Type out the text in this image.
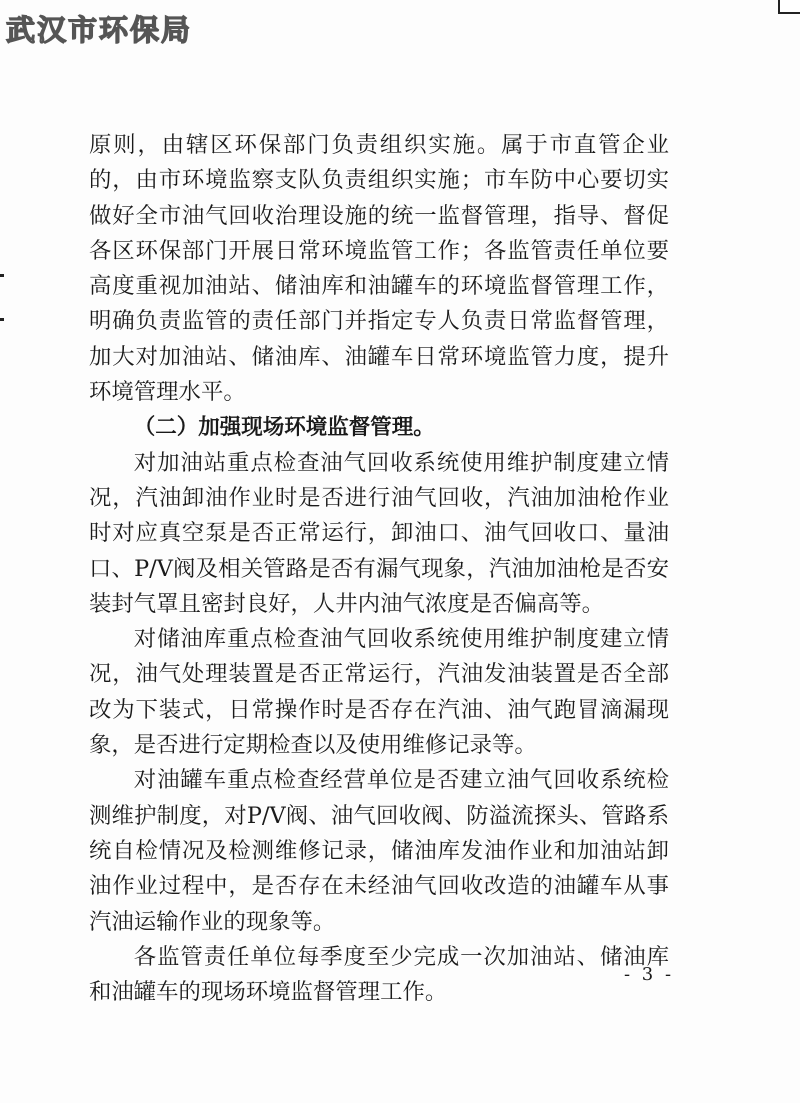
武汉市环保局

原则，由辖区环保部门负责组织实施。属于市直管企业的，由市环境监察支队负责组织实施；市车防中心要切实做好全市油气回收治理设施的统一监督管理，指导、督促各区环保部门开展日常环境监管工作；各监管责任单位要高度重视加油站、储油库和油罐车的环境监督管理工作，明确负责监管的责任部门并指定专人负责日常监督管理，加大对加油站、储油库、油罐车日常环境监管力度，提升环境管理水平。

（二）加强现场环境监督管理。

对加油站重点检查油气回收系统使用维护制度建立情况，汽油卸油作业时是否进行油气回收，汽油加油枪作业时对应真空泵是否正常运行，卸油口、油气回收口、量油口、P/V阀及相关管路是否有漏气现象，汽油加油枪是否安装封气罩且密封良好，人井内油气浓度是否偏高等。

对储油库重点检查油气回收系统使用维护制度建立情况，油气处理装置是否正常运行，汽油发油装置是否全部改为下装式，日常操作时是否存在汽油、油气跑冒滴漏现象，是否进行定期检查以及使用维修记录等。

对油罐车重点检查经营单位是否建立油气回收系统检测维护制度，对P/V阀、油气回收阀、防溢流探头、管路系统自检情况及检测维修记录，储油库发油作业和加油站卸油作业过程中，是否存在未经油气回收改造的油罐车从事汽油运输作业的现象等。

各监管责任单位每季度至少完成一次加油站、储油库和油罐车的现场环境监督管理工作。

- 3 -
